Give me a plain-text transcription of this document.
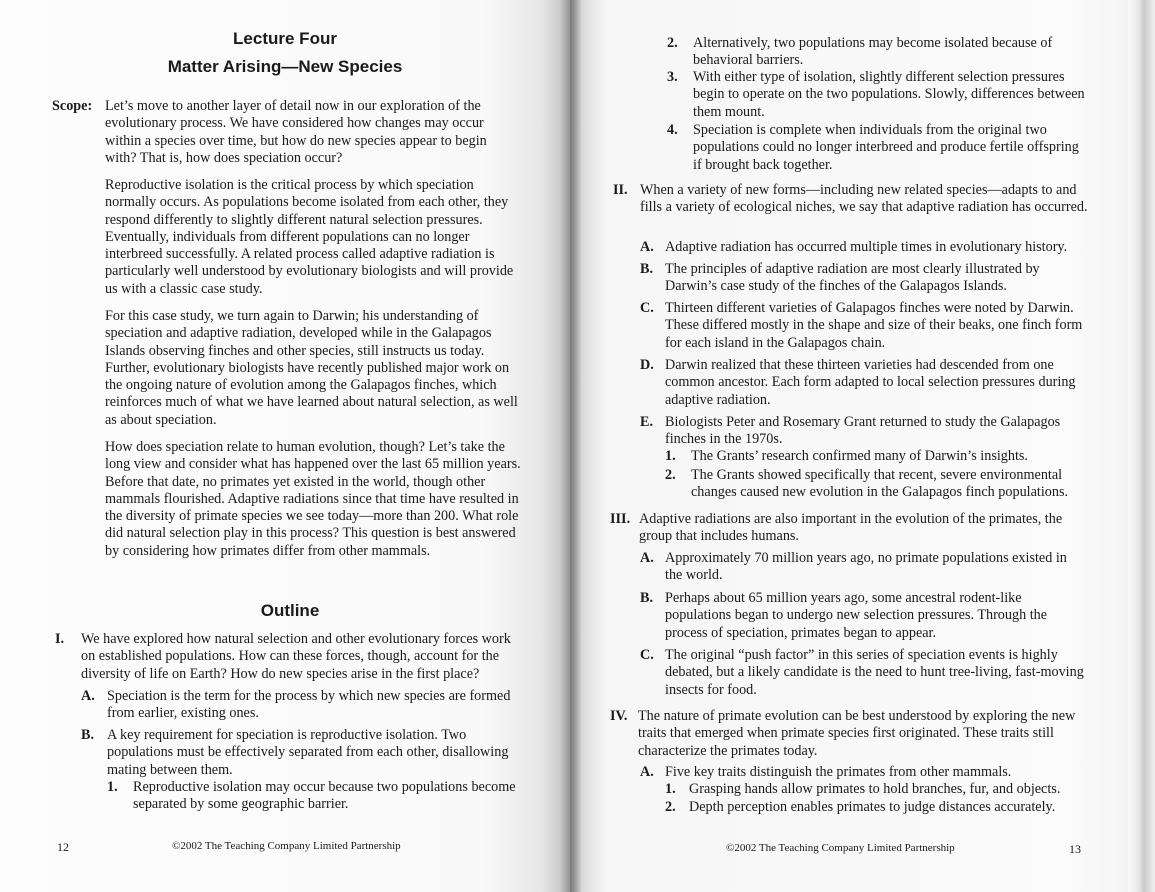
Lecture Four
Matter Arising—New Species
Scope: Let’s move to another layer of detail now in our exploration of the evolutionary process. We have considered how changes may occur within a species over time, but how do new species appear to begin with? That is, how does speciation occur?

Reproductive isolation is the critical process by which speciation normally occurs. As populations become isolated from each other, they respond differently to slightly different natural selection pressures. Eventually, individuals from different populations can no longer interbreed successfully. A related process called adaptive radiation is particularly well understood by evolutionary biologists and will provide us with a classic case study.

For this case study, we turn again to Darwin; his understanding of speciation and adaptive radiation, developed while in the Galapagos Islands observing finches and other species, still instructs us today. Further, evolutionary biologists have recently published major work on the ongoing nature of evolution among the Galapagos finches, which reinforces much of what we have learned about natural selection, as well as about speciation.

How does speciation relate to human evolution, though? Let’s take the long view and consider what has happened over the last 65 million years. Before that date, no primates yet existed in the world, though other mammals flourished. Adaptive radiations since that time have resulted in the diversity of primate species we see today—more than 200. What role did natural selection play in this process? This question is best answered by considering how primates differ from other mammals.

Outline
I. We have explored how natural selection and other evolutionary forces work on established populations. How can these forces, though, account for the diversity of life on Earth? How do new species arise in the first place?

A. Speciation is the term for the process by which new species are formed from earlier, existing ones.

B. A key requirement for speciation is reproductive isolation. Two populations must be effectively separated from each other, disallowing mating between them.

1. Reproductive isolation may occur because two populations become separated by some geographic barrier.

12	©2002 The Teaching Company Limited Partnership
2. Alternatively, two populations may become isolated because of behavioral barriers.

3. With either type of isolation, slightly different selection pressures begin to operate on the two populations. Slowly, differences between them mount.

4. Speciation is complete when individuals from the original two populations could no longer interbreed and produce fertile offspring if brought back together.

II. When a variety of new forms—including new related species—adapts to and fills a variety of ecological niches, we say that adaptive radiation has occurred.

A. Adaptive radiation has occurred multiple times in evolutionary history.

B. The principles of adaptive radiation are most clearly illustrated by Darwin’s case study of the finches of the Galapagos Islands.

C. Thirteen different varieties of Galapagos finches were noted by Darwin. These differed mostly in the shape and size of their beaks, one finch form for each island in the Galapagos chain.

D. Darwin realized that these thirteen varieties had descended from one common ancestor. Each form adapted to local selection pressures during adaptive radiation.

E. Biologists Peter and Rosemary Grant returned to study the Galapagos finches in the 1970s.

1. The Grants’ research confirmed many of Darwin’s insights.

2. The Grants showed specifically that recent, severe environmental changes caused new evolution in the Galapagos finch populations.

III. Adaptive radiations are also important in the evolution of the primates, the group that includes humans.

A. Approximately 70 million years ago, no primate populations existed in the world.

B. Perhaps about 65 million years ago, some ancestral rodent-like populations began to undergo new selection pressures. Through the process of speciation, primates began to appear.

C. The original “push factor” in this series of speciation events is highly debated, but a likely candidate is the need to hunt tree-living, fast-moving insects for food.

IV. The nature of primate evolution can be best understood by exploring the new traits that emerged when primate species first originated. These traits still characterize the primates today.

A. Five key traits distinguish the primates from other mammals.

1. Grasping hands allow primates to hold branches, fur, and objects.

2. Depth perception enables primates to judge distances accurately.

©2002 The Teaching Company Limited Partnership	13
